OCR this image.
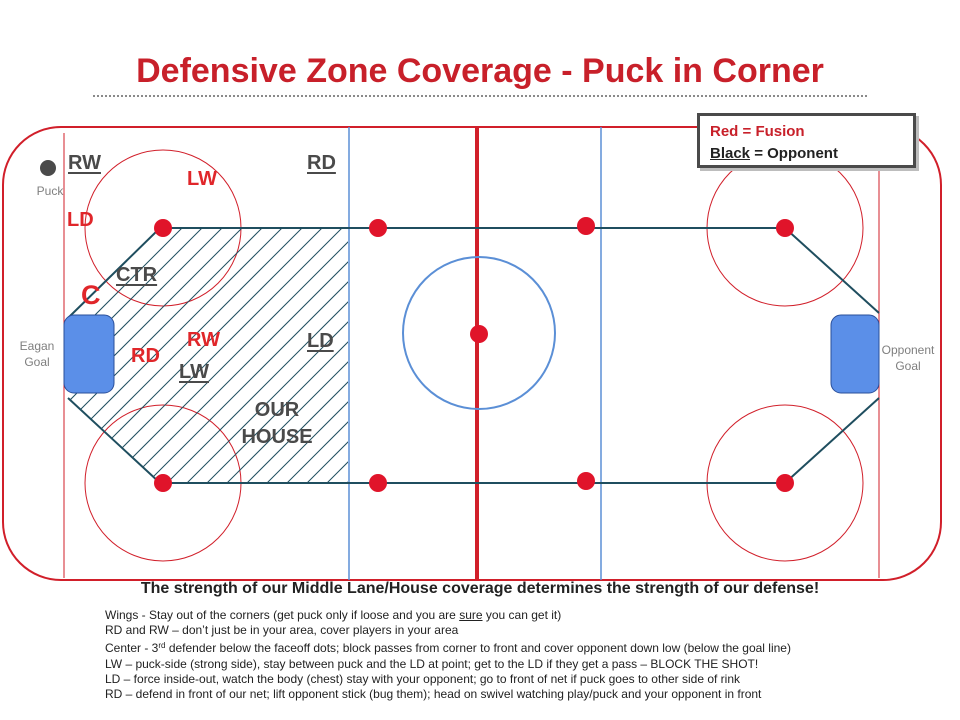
Defensive Zone Coverage - Puck in Corner
Red = Fusion
Black = Opponent
Puck
Eagan
Goal
Opponent
Goal
LW
LD
C
RW
RD
RW	RD
CTR
LD
LW
OUR
HOUSE
The strength of our Middle Lane/House coverage determines the strength of our defense!
Wings - Stay out of the corners (get puck only if loose and you are sure you can get it)
RD and RW – don’t just be in your area, cover players in your area
Center - 3rd defender below the faceoff dots; block passes from corner to front and cover opponent down low (below the goal line)
LW – puck-side (strong side), stay between puck and the LD at point; get to the LD if they get a pass – BLOCK THE SHOT!
LD – force inside-out, watch the body (chest) stay with your opponent; go to front of net if puck goes to other side of rink
RD – defend in front of our net; lift opponent stick (bug them); head on swivel watching play/puck and your opponent in front
